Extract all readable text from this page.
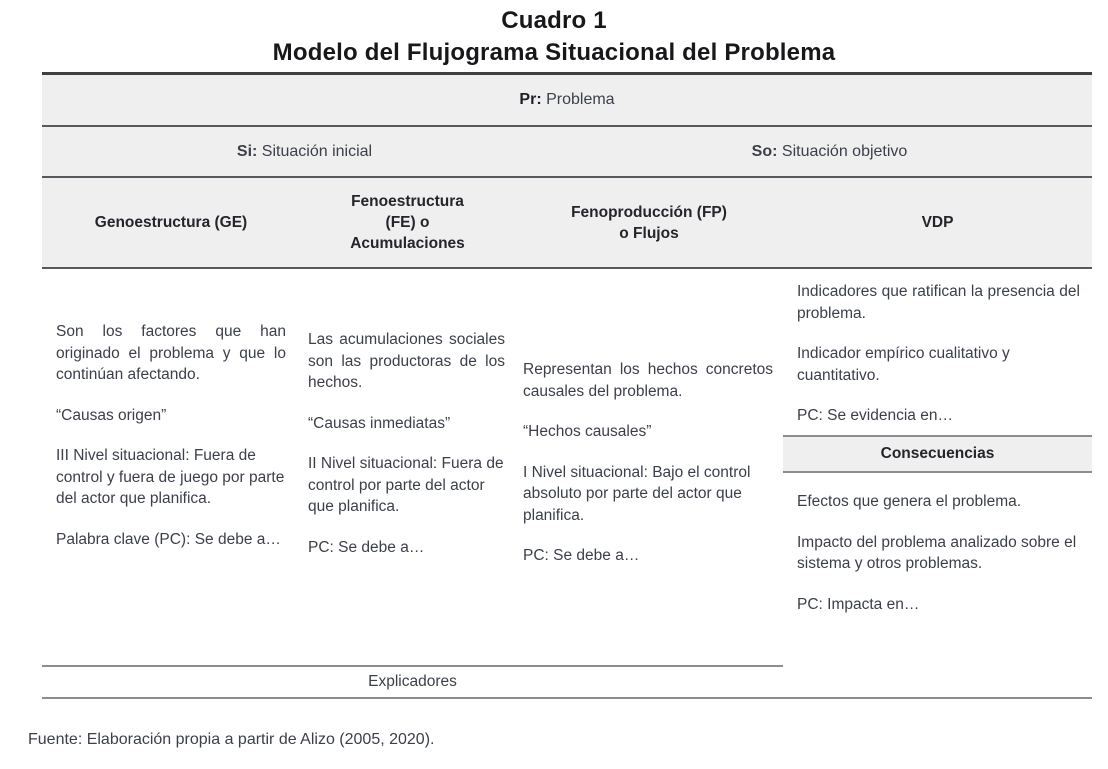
Cuadro 1
Modelo del Flujograma Situacional del Problema
Pr: Problema
Si: Situación inicial	So: Situación objetivo
Genoestructura (GE)
Fenoestructura
(FE) o
Acumulaciones
Fenoproducción (FP)
o Flujos
VDP

Son los factores que han originado el problema y que lo continúan afectando.

“Causas origen”

III Nivel situacional: Fuera de control y fuera de juego por parte del actor que planifica.

Palabra clave (PC): Se debe a…

Las acumulaciones sociales son las productoras de los hechos.

“Causas inmediatas”

II Nivel situacional: Fuera de control por parte del actor que planifica.

PC: Se debe a…

Representan los hechos concretos causales del problema.

“Hechos causales”

I Nivel situacional: Bajo el control absoluto por parte del actor que planifica.

PC: Se debe a…

Indicadores que ratifican la presencia del problema.

Indicador empírico cualitativo y cuantitativo.

PC: Se evidencia en…

Consecuencias

Efectos que genera el problema.

Impacto del problema analizado sobre el sistema y otros problemas.

PC: Impacta en…

Explicadores
Fuente: Elaboración propia a partir de Alizo (2005, 2020).
